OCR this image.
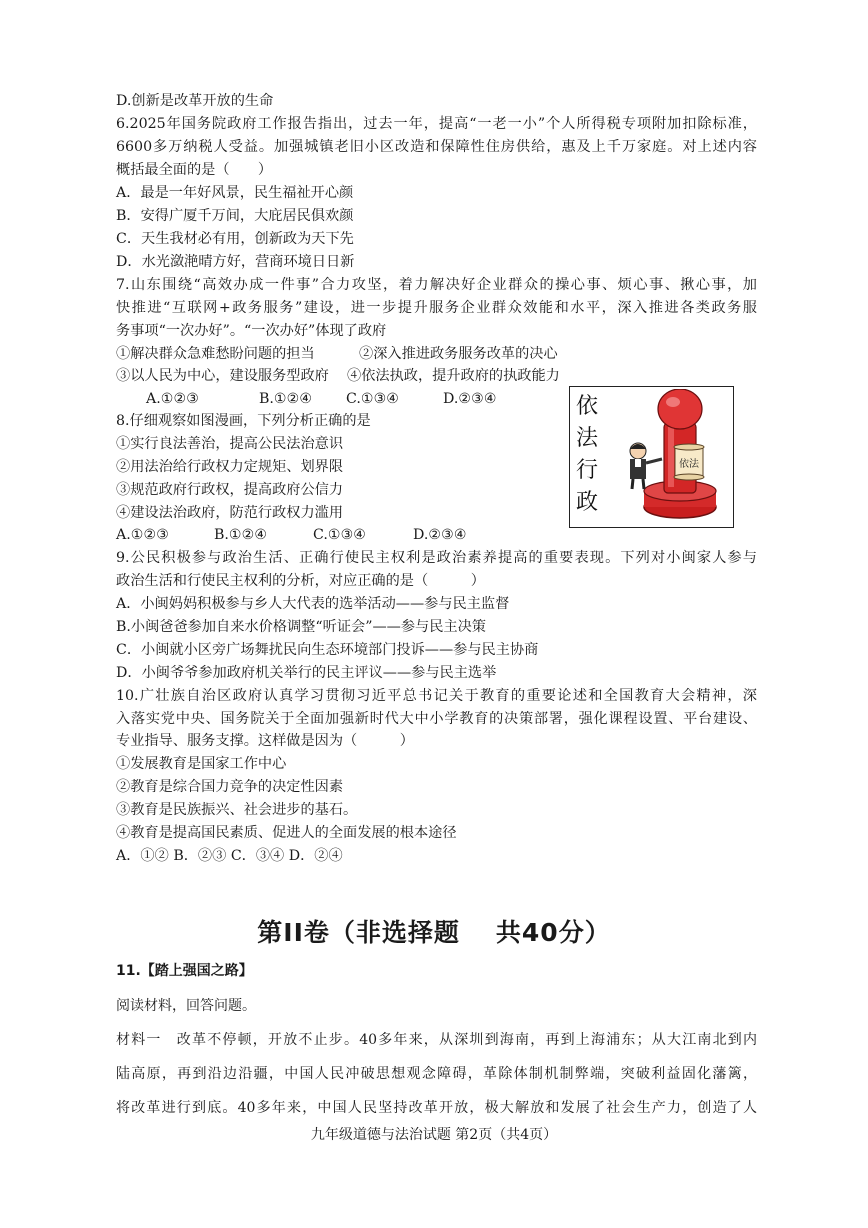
D.创新是改革开放的生命
6.2025年国务院政府工作报告指出，过去一年，提高“一老一小”个人所得税专项附加扣除标准，
6600多万纳税人受益。加强城镇老旧小区改造和保障性住房供给，惠及上千万家庭。对上述内容
概括最全面的是（　　）
A．最是一年好风景，民生福祉开心颜
B．安得广厦千万间，大庇居民俱欢颜
C．天生我材必有用，创新政为天下先
D．水光潋滟晴方好，营商环境日日新
7.山东围绕“高效办成一件事”合力攻坚，着力解决好企业群众的操心事、烦心事、揪心事，加
快推进“互联网+政务服务”建设，进一步提升服务企业群众效能和水平，深入推进各类政务服
务事项“一次办好”。“一次办好”体现了政府
①解决群众急难愁盼问题的担当	②深入推进政务服务改革的决心
③以人民为中心，建设服务型政府 ④依法执政，提升政府的执政能力
A.①②③	B.①②④ C.①③④	D.②③④
8.仔细观察如图漫画，下列分析正确的是
①实行良法善治，提高公民法治意识
②用法治给行政权力定规矩、划界限
③规范政府行政权，提高政府公信力
④建设法治政府，防范行政权力滥用
A.①②③	B.①②④	C.①③④	D.②③④
依
法
行
政
依法
9.公民积极参与政治生活、正确行使民主权利是政治素养提高的重要表现。下列对小闽家人参与
政治生活和行使民主权利的分析，对应正确的是（　　　）
A．小闽妈妈积极参与乡人大代表的选举活动——参与民主监督
B.小闽爸爸参加自来水价格调整“听证会”——参与民主决策
C．小闽就小区旁广场舞扰民向生态环境部门投诉——参与民主协商
D．小闽爷爷参加政府机关举行的民主评议——参与民主选举
10.广壮族自治区政府认真学习贯彻习近平总书记关于教育的重要论述和全国教育大会精神，深
入落实党中央、国务院关于全面加强新时代大中小学教育的决策部署，强化课程设置、平台建设、
专业指导、服务支撑。这样做是因为（　　　）
①发展教育是国家工作中心
②教育是综合国力竞争的决定性因素
③教育是民族振兴、社会进步的基石。
④教育是提高国民素质、促进人的全面发展的根本途径
A．①② B．②③ C．③④ D．②④
第II卷（非选择题 共40分）
11.【踏上强国之路】
阅读材料，回答问题。
材料一　改革不停顿，开放不止步。40多年来，从深圳到海南，再到上海浦东；从大江南北到内
陆高原，再到沿边沿疆，中国人民冲破思想观念障碍，革除体制机制弊端，突破利益固化藩篱，
将改革进行到底。40多年来，中国人民坚持改革开放，极大解放和发展了社会生产力，创造了人
九年级道德与法治试题 第2页（共4页）
